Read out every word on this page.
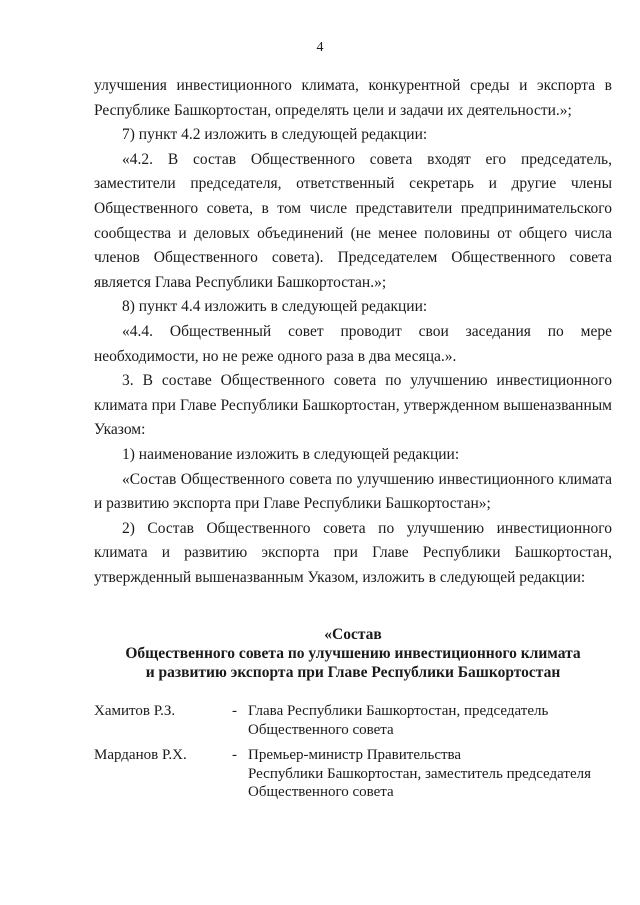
4

улучшения инвестиционного климата, конкурентной среды и экспорта в Республике Башкортостан, определять цели и задачи их деятельности.»;

7) пункт 4.2 изложить в следующей редакции:

«4.2. В состав Общественного совета входят его председатель, заместители председателя, ответственный секретарь и другие члены Общественного совета, в том числе представители предпринимательского сообщества и деловых объединений (не менее половины от общего числа членов Общественного совета). Председателем Общественного совета является Глава Республики Башкортостан.»;

8) пункт 4.4 изложить в следующей редакции:

«4.4. Общественный совет проводит свои заседания по мере необходимости, но не реже одного раза в два месяца.».

3. В составе Общественного совета по улучшению инвестиционного климата при Главе Республики Башкортостан, утвержденном вышеназванным Указом:

1) наименование изложить в следующей редакции:

«Состав Общественного совета по улучшению инвестиционного климата и развитию экспорта при Главе Республики Башкортостан»;

2) Состав Общественного совета по улучшению инвестиционного климата и развитию экспорта при Главе Республики Башкортостан, утвержденный вышеназванным Указом, изложить в следующей редакции:

«Состав
Общественного совета по улучшению инвестиционного климата
и развитию экспорта при Главе Республики Башкортостан
Хамитов Р.З.	- Глава Республики Башкортостан, председатель
Общественного совета
Марданов Р.Х.	- Премьер-министр Правительства
Республики Башкортостан, заместитель председателя
Общественного совета
